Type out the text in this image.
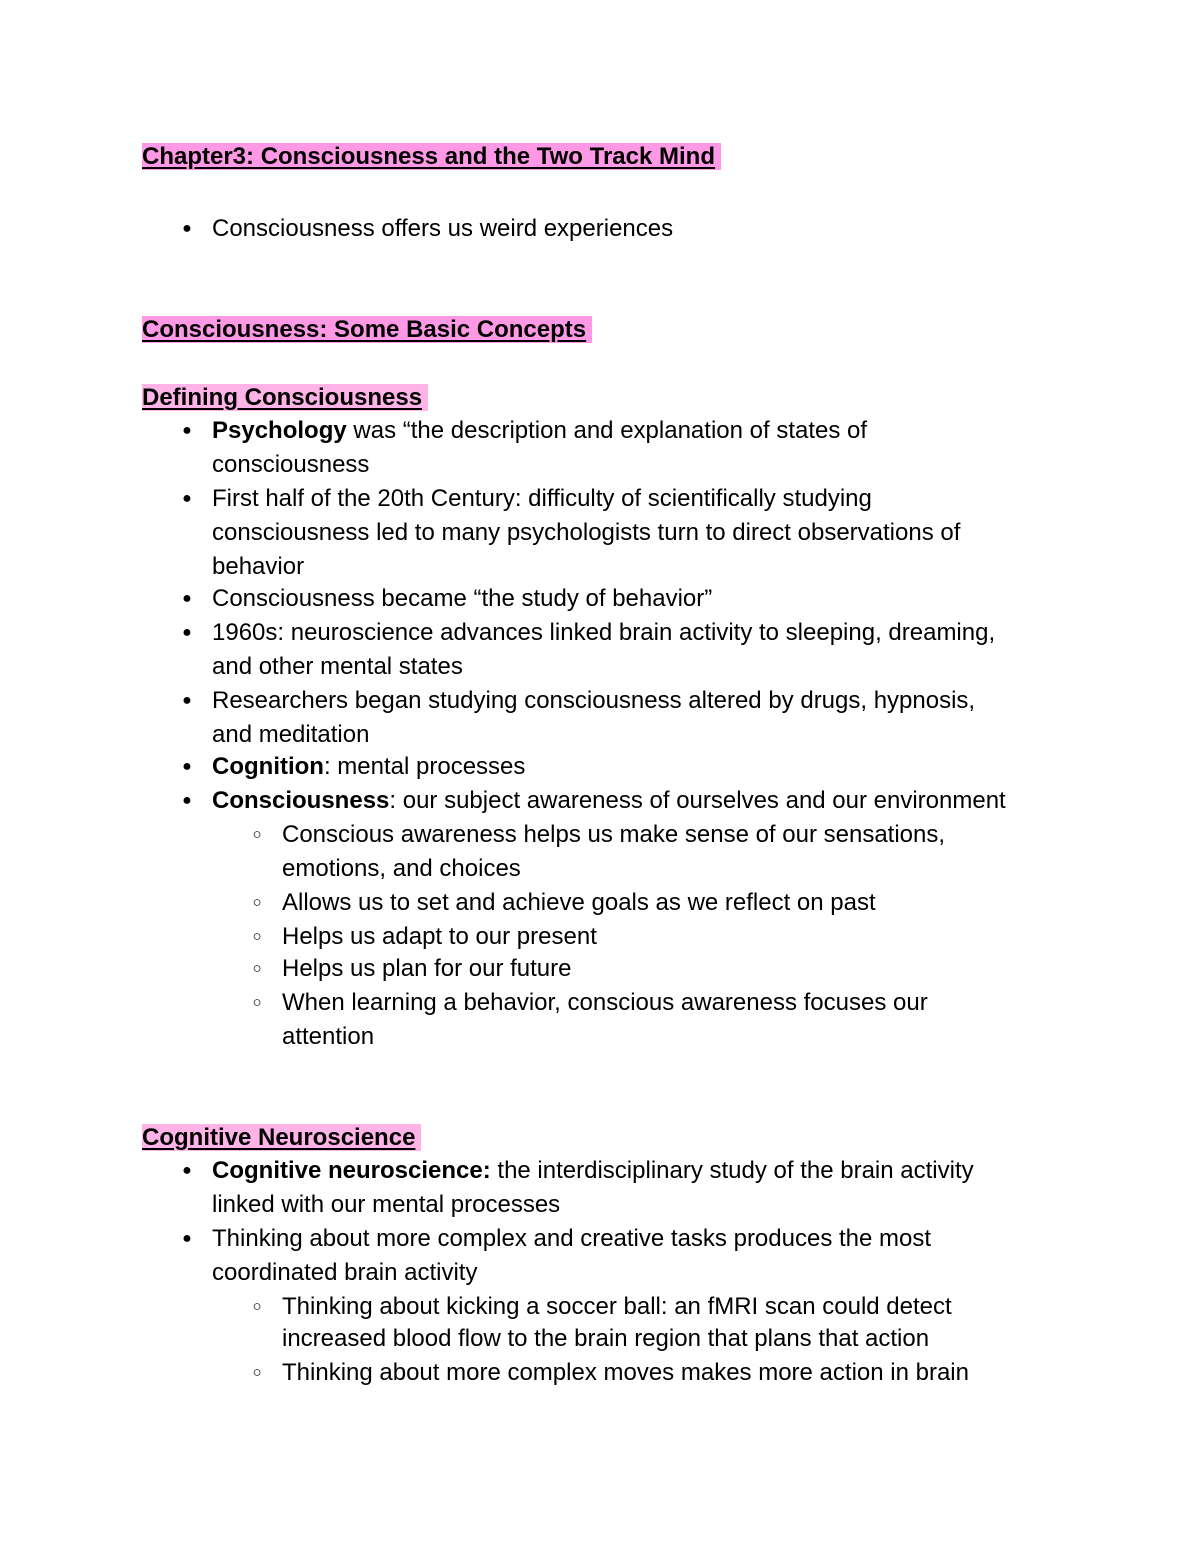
Chapter3: Consciousness and the Two Track Mind
● Consciousness offers us weird experiences
Consciousness: Some Basic Concepts
Defining Consciousness
● Psychology was “the description and explanation of states of
consciousness
● First half of the 20th Century: difficulty of scientifically studying
consciousness led to many psychologists turn to direct observations of
behavior
● Consciousness became “the study of behavior”
● 1960s: neuroscience advances linked brain activity to sleeping, dreaming,
and other mental states
● Researchers began studying consciousness altered by drugs, hypnosis,
and meditation
● Cognition: mental processes
● Consciousness: our subject awareness of ourselves and our environment
○ Conscious awareness helps us make sense of our sensations,
emotions, and choices
○ Allows us to set and achieve goals as we reflect on past
○ Helps us adapt to our present
○ Helps us plan for our future
○ When learning a behavior, conscious awareness focuses our
attention
Cognitive Neuroscience
● Cognitive neuroscience: the interdisciplinary study of the brain activity
linked with our mental processes
● Thinking about more complex and creative tasks produces the most
coordinated brain activity
○ Thinking about kicking a soccer ball: an fMRI scan could detect
increased blood flow to the brain region that plans that action
○ Thinking about more complex moves makes more action in brain
